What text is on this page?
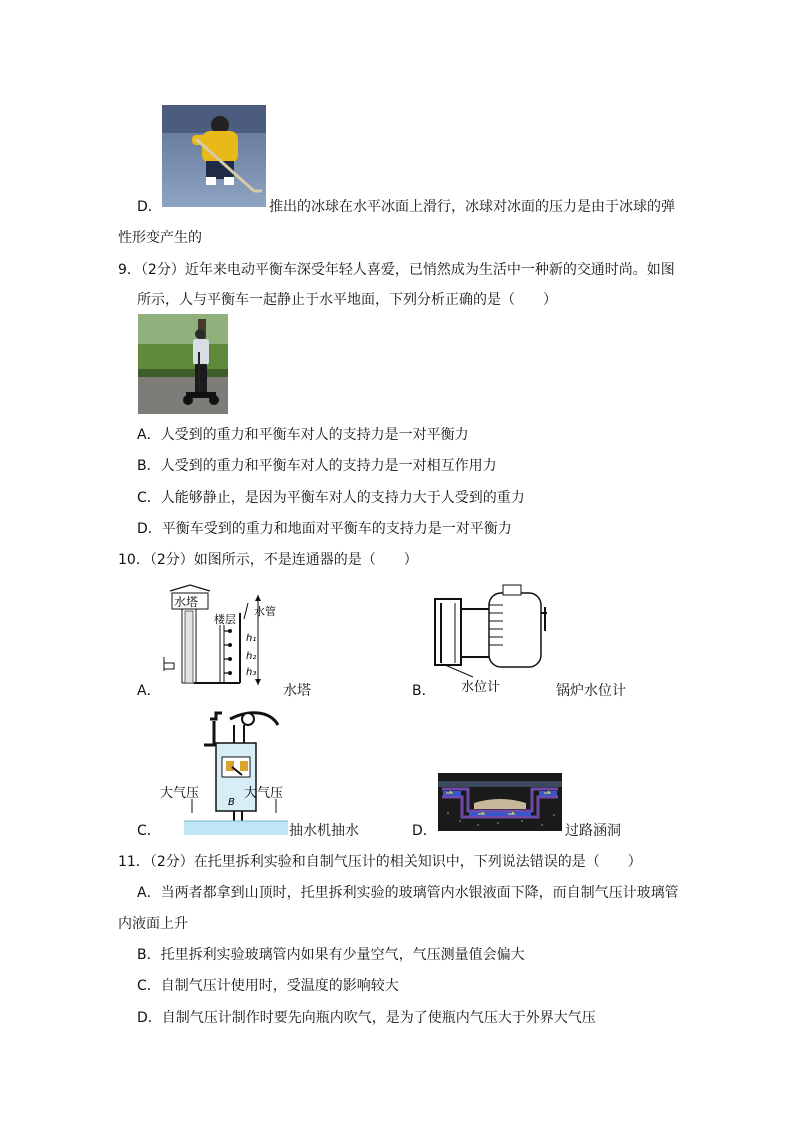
D．	推出的冰球在水平冰面上滑行，冰球对冰面的压力是由于冰球的弹
性形变产生的
9．（2分）近年来电动平衡车深受年轻人喜爱，已悄然成为生活中一种新的交通时尚。如图
所示，人与平衡车一起静止于水平地面，下列分析正确的是（　　）
A．人受到的重力和平衡车对人的支持力是一对平衡力
B．人受到的重力和平衡车对人的支持力是一对相互作用力
C．人能够静止，是因为平衡车对人的支持力大于人受到的重力
D．平衡车受到的重力和地面对平衡车的支持力是一对平衡力
10．（2分）如图所示，不是连通器的是（　　）
水塔
楼层
水管
h₁
h₂
h₃
A．	水塔	水位计
B．	锅炉水位计
大气压	大气压
B
C．	抽水机抽水	D．	过路涵洞
11．（2分）在托里拆利实验和自制气压计的相关知识中，下列说法错误的是（　　）
A．当两者都拿到山顶时，托里拆利实验的玻璃管内水银液面下降，而自制气压计玻璃管
内液面上升
B．托里拆利实验玻璃管内如果有少量空气，气压测量值会偏大
C．自制气压计使用时，受温度的影响较大
D．自制气压计制作时要先向瓶内吹气，是为了使瓶内气压大于外界大气压
